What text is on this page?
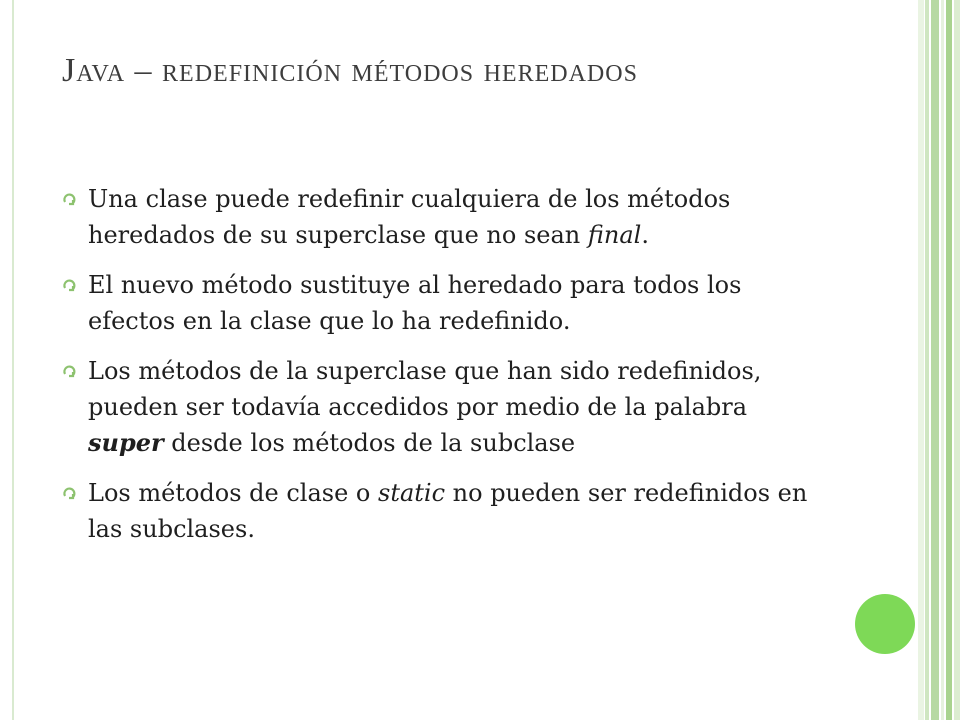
Java – redefinición métodos heredados
Una clase puede redefinir cualquiera de los métodos heredados de su superclase que no sean final.
El nuevo método sustituye al heredado para todos los efectos en la clase que lo ha redefinido.
Los métodos de la superclase que han sido redefinidos, pueden ser todavía accedidos por medio de la palabra super desde los métodos de la subclase
Los métodos de clase o static no pueden ser redefinidos en las subclases.
